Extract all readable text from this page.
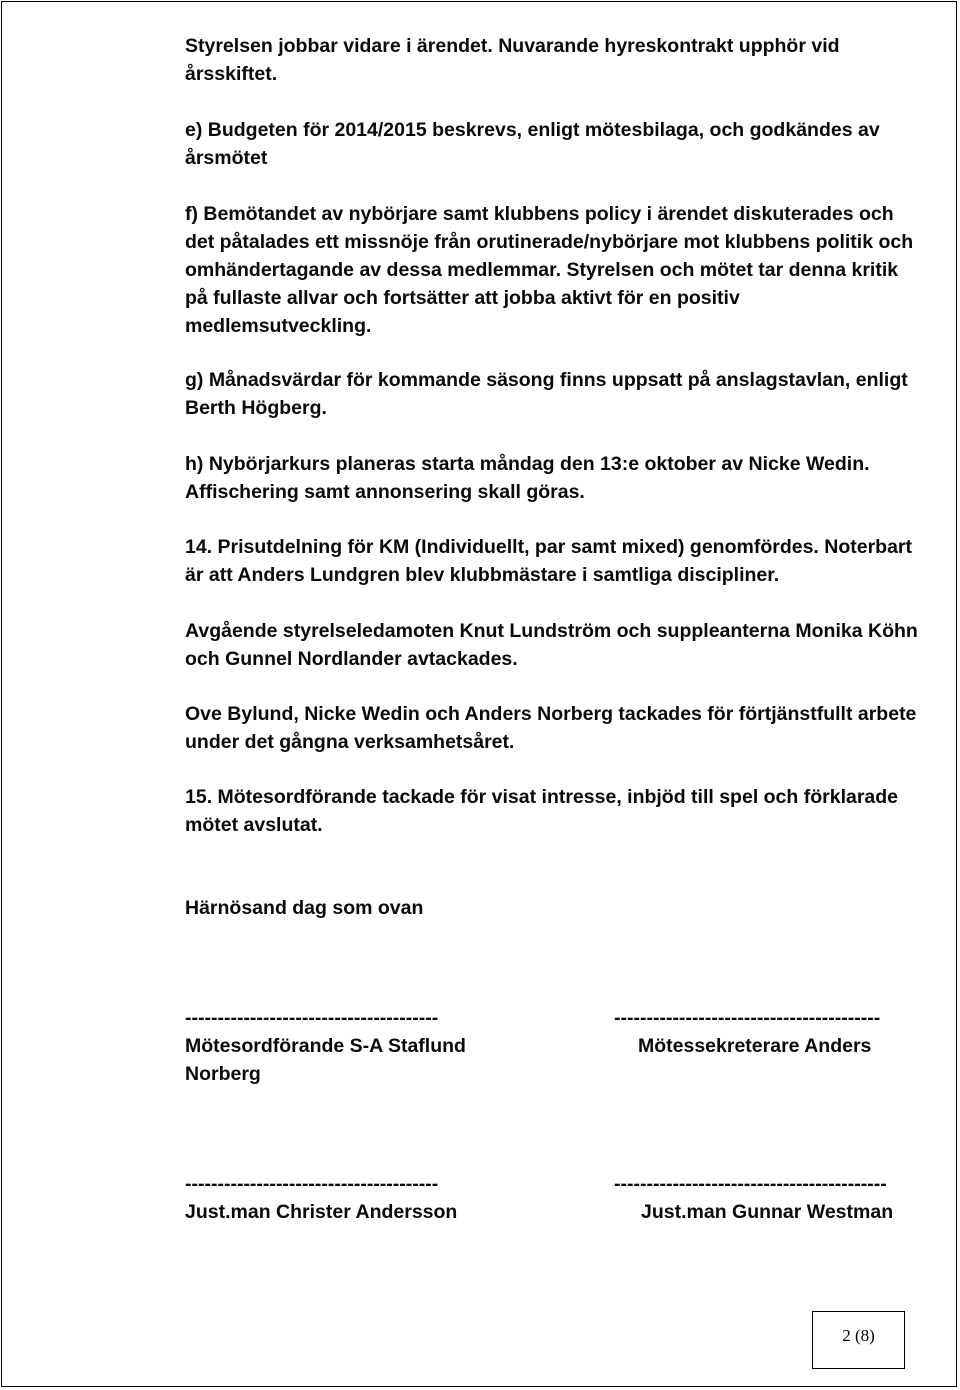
Styrelsen jobbar vidare i ärendet. Nuvarande hyreskontrakt upphör vid årsskiftet.

e) Budgeten för 2014/2015 beskrevs, enligt mötesbilaga, och godkändes av årsmötet

f) Bemötandet av nybörjare samt klubbens policy i ärendet diskuterades och det påtalades ett missnöje från orutinerade/nybörjare mot klubbens politik och omhändertagande av dessa medlemmar. Styrelsen och mötet tar denna kritik på fullaste allvar och fortsätter att jobba aktivt för en positiv medlemsutveckling.

g) Månadsvärdar för kommande säsong finns uppsatt på anslagstavlan, enligt Berth Högberg.

h) Nybörjarkurs planeras starta måndag den 13:e oktober av Nicke Wedin. Affischering samt annonsering skall göras.

14. Prisutdelning för KM (Individuellt, par samt mixed) genomfördes. Noterbart är att Anders Lundgren blev klubbmästare i samtliga discipliner.

Avgående styrelseledamoten Knut Lundström och suppleanterna Monika Köhn och Gunnel Nordlander avtackades.

Ove Bylund, Nicke Wedin och Anders Norberg tackades för förtjänstfullt arbete under det gångna verksamhetsåret.

15. Mötesordförande tackade för visat intresse, inbjöd till spel och förklarade mötet avslutat.

Härnösand dag som ovan

---------------------------------------	-----------------------------------------
Mötesordförande S-A Staflund	Mötessekreterare Anders
Norberg
---------------------------------------	------------------------------------------
Just.man Christer Andersson	Just.man Gunnar Westman
2 (8)
